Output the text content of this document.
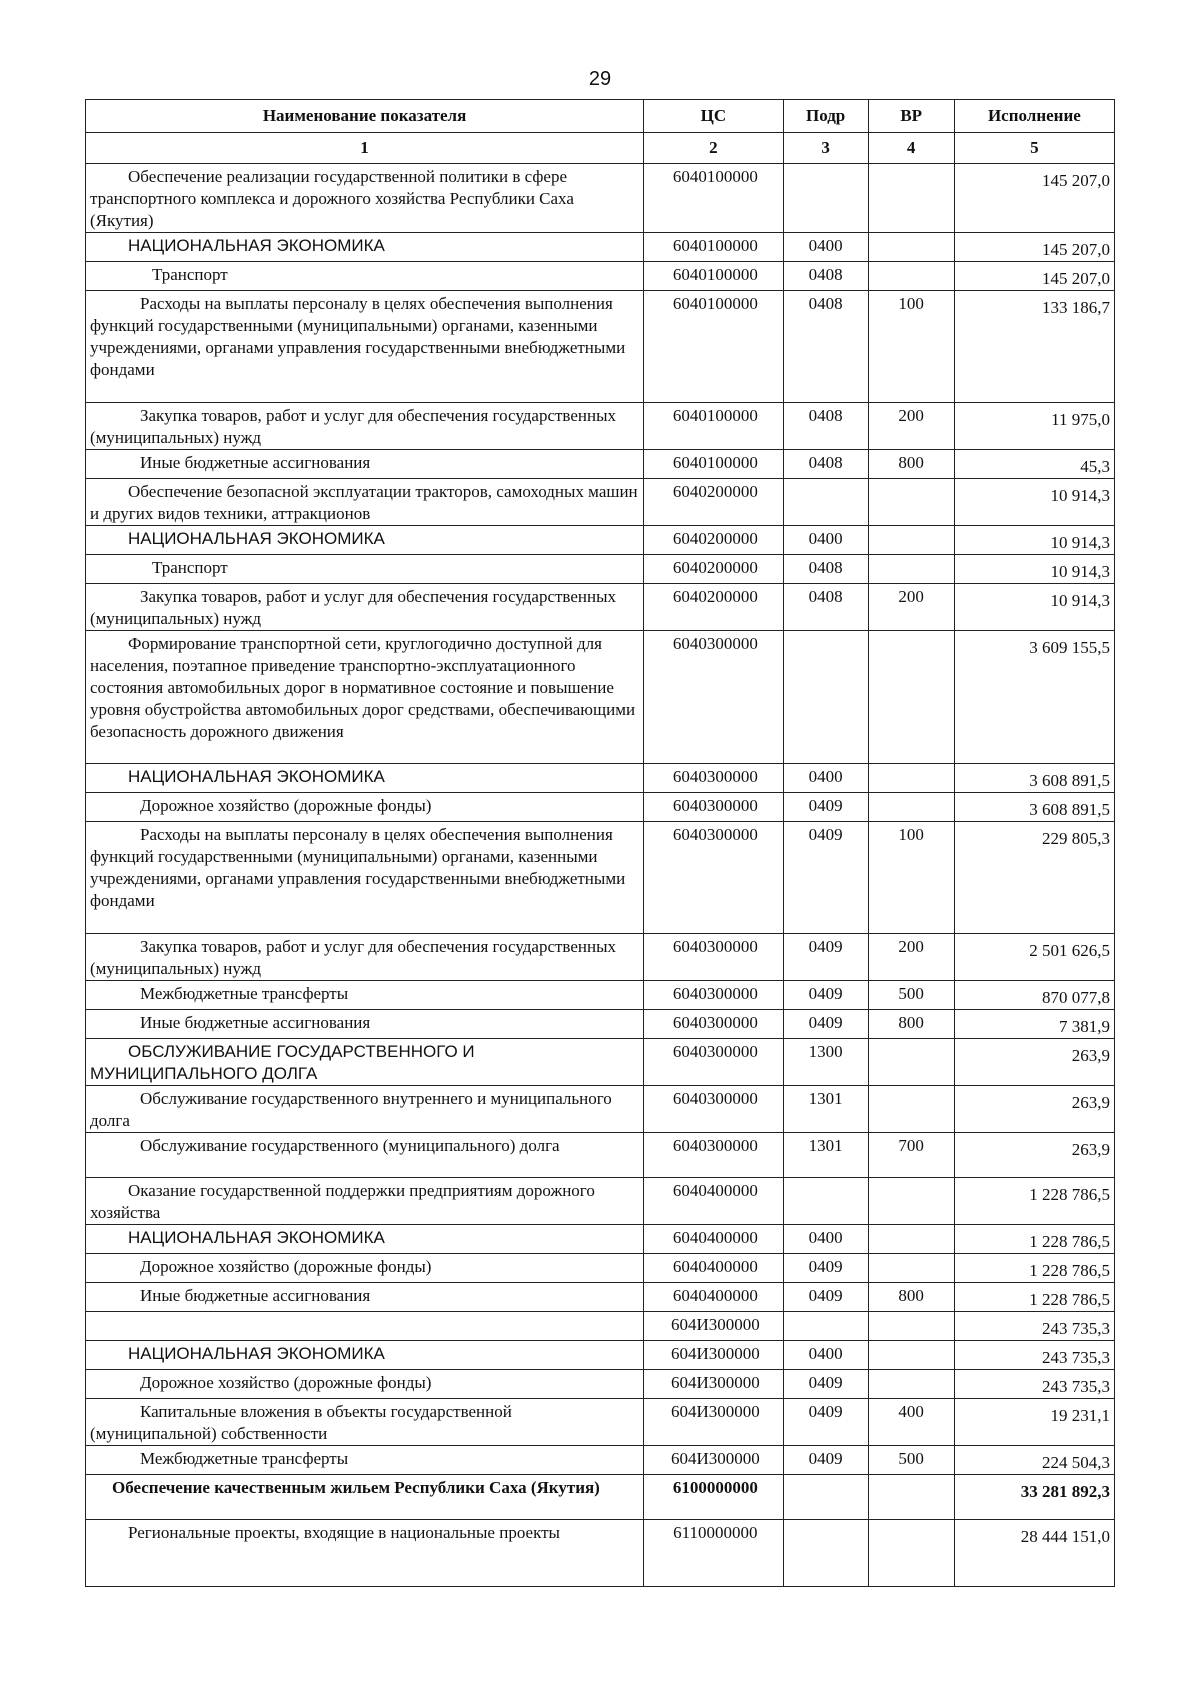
29
Наименование показателя	ЦС	Подр	ВР	Исполнение
1	2	3	4	5

Обеспечение реализации государственной политики в сфере транспортного комплекса и дорожного хозяйства Республики Саха (Якутия)	6040100000			145 207,0

НАЦИОНАЛЬНАЯ ЭКОНОМИКА	6040100000	0400		145 207,0

Транспорт	6040100000	0408		145 207,0

Расходы на выплаты персоналу в целях обеспечения выполнения функций государственными (муниципальными) органами, казенными учреждениями, органами управления государственными внебюджетными фондами	6040100000	0408	100	133 186,7

Закупка товаров, работ и услуг для обеспечения государственных (муниципальных) нужд	6040100000	0408	200	11 975,0

Иные бюджетные ассигнования	6040100000	0408	800	45,3

Обеспечение безопасной эксплуатации тракторов, самоходных машин и других видов техники, аттракционов	6040200000			10 914,3

НАЦИОНАЛЬНАЯ ЭКОНОМИКА	6040200000	0400		10 914,3

Транспорт	6040200000	0408		10 914,3

Закупка товаров, работ и услуг для обеспечения государственных (муниципальных) нужд	6040200000	0408	200	10 914,3

Формирование транспортной сети, круглогодично доступной для населения, поэтапное приведение транспортно-эксплуатационного состояния автомобильных дорог в нормативное состояние и повышение уровня обустройства автомобильных дорог средствами, обеспечивающими безопасность дорожного движения	6040300000			3 609 155,5

НАЦИОНАЛЬНАЯ ЭКОНОМИКА	6040300000	0400		3 608 891,5

Дорожное хозяйство (дорожные фонды)	6040300000	0409		3 608 891,5

Расходы на выплаты персоналу в целях обеспечения выполнения функций государственными (муниципальными) органами, казенными учреждениями, органами управления государственными внебюджетными фондами	6040300000	0409	100	229 805,3

Закупка товаров, работ и услуг для обеспечения государственных (муниципальных) нужд	6040300000	0409	200	2 501 626,5

Межбюджетные трансферты	6040300000	0409	500	870 077,8

Иные бюджетные ассигнования	6040300000	0409	800	7 381,9

ОБСЛУЖИВАНИЕ ГОСУДАРСТВЕННОГО И МУНИЦИПАЛЬНОГО ДОЛГА	6040300000	1300		263,9

Обслуживание государственного внутреннего и муниципального долга	6040300000	1301		263,9

Обслуживание государственного (муниципального) долга	6040300000	1301	700	263,9

Оказание государственной поддержки предприятиям дорожного хозяйства	6040400000			1 228 786,5

НАЦИОНАЛЬНАЯ ЭКОНОМИКА	6040400000	0400		1 228 786,5

Дорожное хозяйство (дорожные фонды)	6040400000	0409		1 228 786,5

Иные бюджетные ассигнования	6040400000	0409	800	1 228 786,5

	604И300000			243 735,3

НАЦИОНАЛЬНАЯ ЭКОНОМИКА	604И300000	0400		243 735,3

Дорожное хозяйство (дорожные фонды)	604И300000	0409		243 735,3

Капитальные вложения в объекты государственной (муниципальной) собственности	604И300000	0409	400	19 231,1

Межбюджетные трансферты	604И300000	0409	500	224 504,3

Обеспечение качественным жильем Республики Саха (Якутия)	6100000000			33 281 892,3

Региональные проекты, входящие в национальные проекты	6110000000			28 444 151,0
